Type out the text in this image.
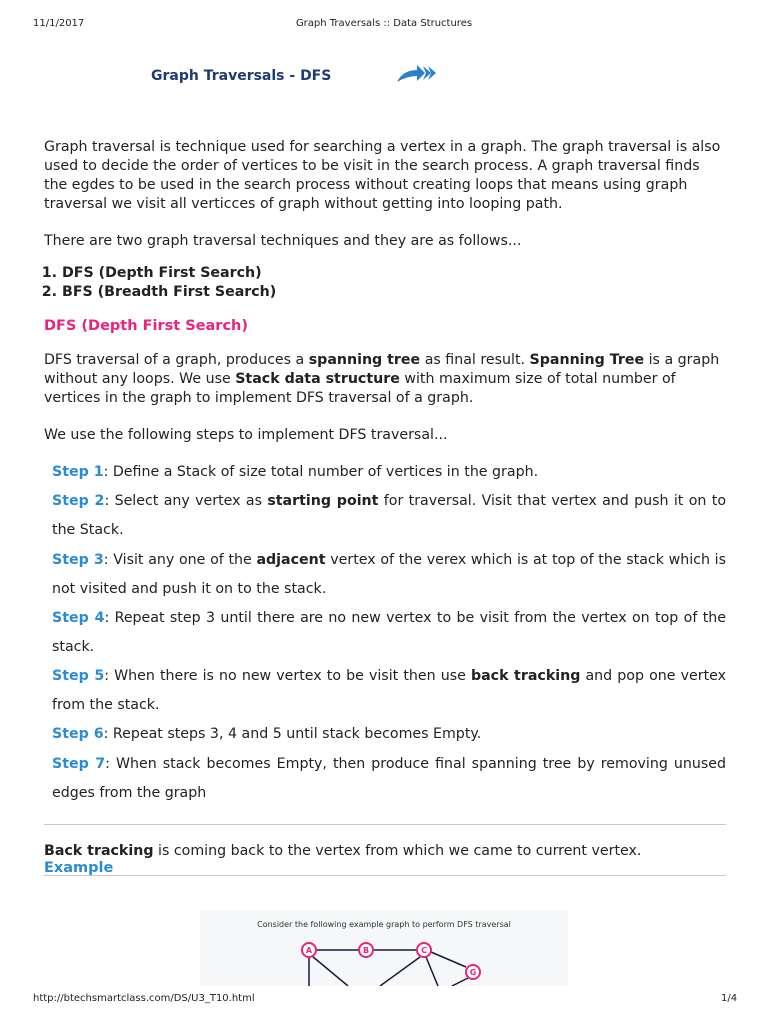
11/1/2017	Graph Traversals :: Data Structures
Graph Traversals - DFS

Graph traversal is technique used for searching a vertex in a graph. The graph traversal is also used to decide the order of vertices to be visit in the search process. A graph traversal finds the egdes to be used in the search process without creating loops that means using graph traversal we visit all verticces of graph without getting into looping path.

There are two graph traversal techniques and they are as follows...

1. DFS (Depth First Search)
2. BFS (Breadth First Search)
DFS (Depth First Search)

DFS traversal of a graph, produces a spanning tree as final result. Spanning Tree is a graph without any loops. We use Stack data structure with maximum size of total number of vertices in the graph to implement DFS traversal of a graph.

We use the following steps to implement DFS traversal...

Step 1: Define a Stack of size total number of vertices in the graph.

Step 2: Select any vertex as starting point for traversal. Visit that vertex and push it on to the Stack.

Step 3: Visit any one of the adjacent vertex of the verex which is at top of the stack which is not visited and push it on to the stack.

Step 4: Repeat step 3 until there are no new vertex to be visit from the vertex on top of the stack.

Step 5: When there is no new vertex to be visit then use back tracking and pop one vertex from the stack.

Step 6: Repeat steps 3, 4 and 5 until stack becomes Empty.

Step 7: When stack becomes Empty, then produce final spanning tree by removing unused edges from the graph

Back tracking is coming back to the vertex from which we came to current vertex.

Example
Consider the following example graph to perform DFS traversal
A	B	C
G
http://btechsmartclass.com/DS/U3_T10.html	1/4
